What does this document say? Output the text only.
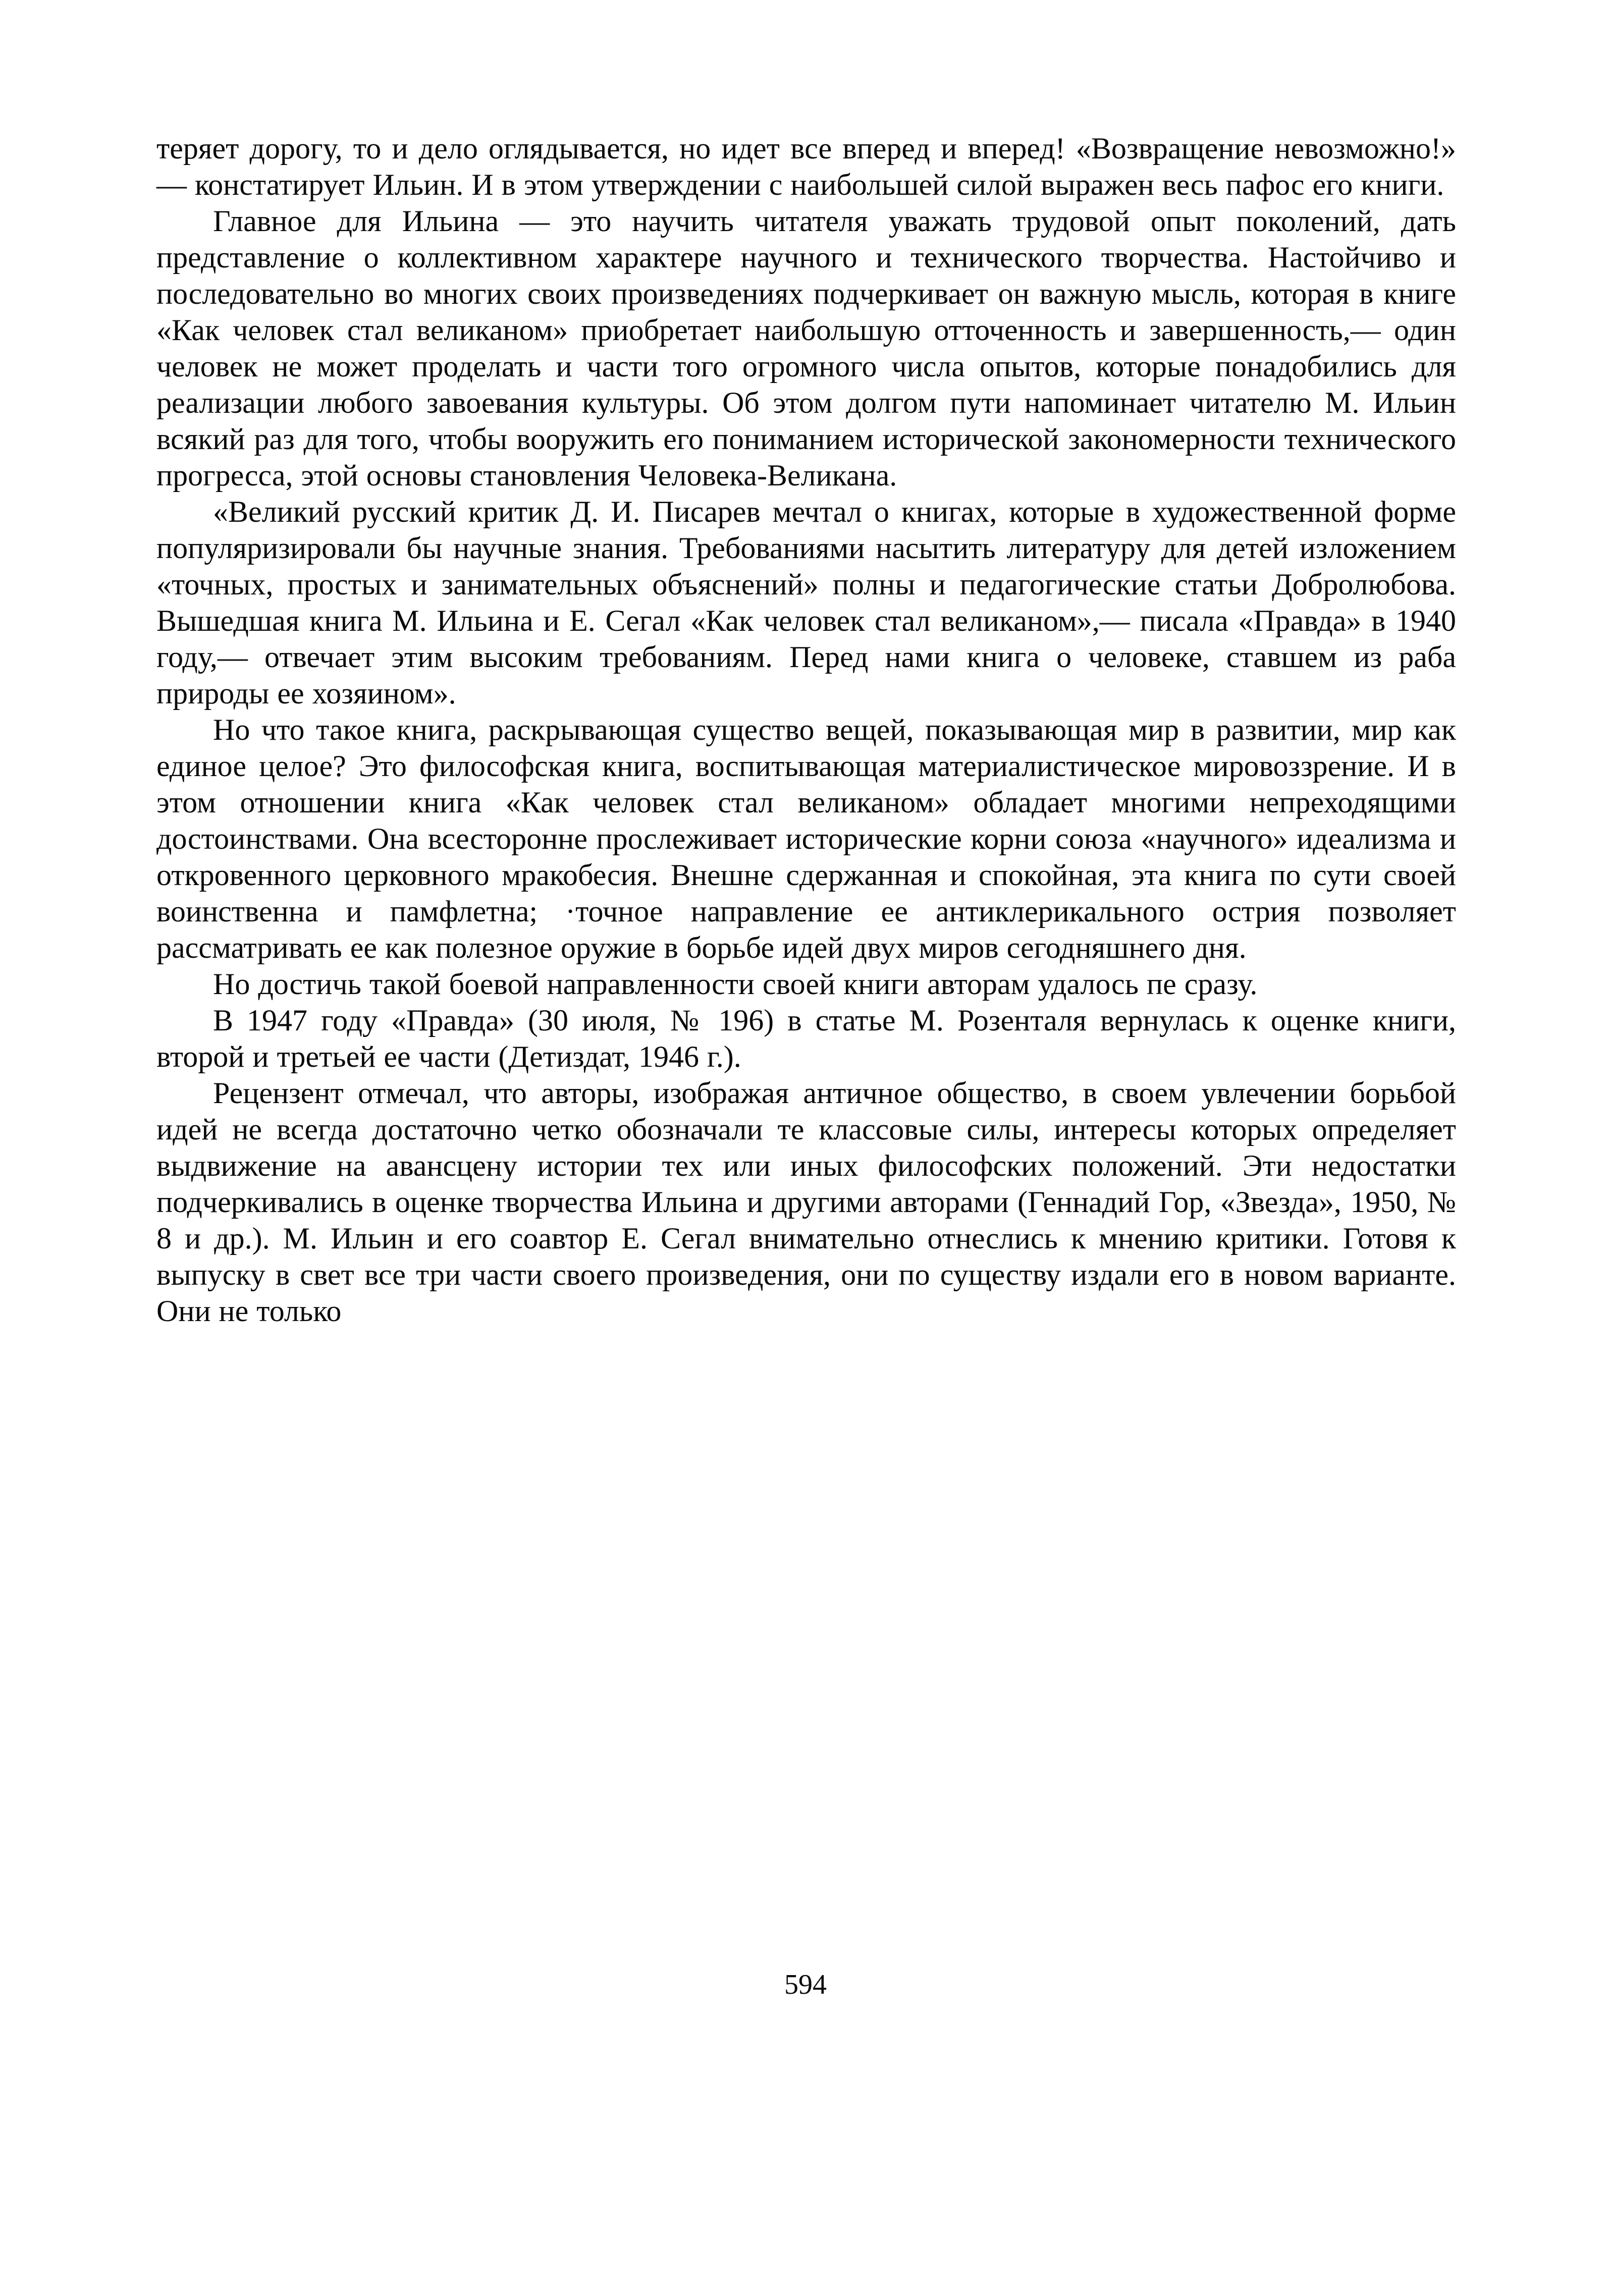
теряет дорогу, то и дело оглядывается, но идет все вперед и вперед! «Возвращение невозможно!» — констатирует Ильин. И в этом утверждении с наибольшей силой выражен весь пафос его книги.

Главное для Ильина — это научить читателя уважать трудовой опыт поколений, дать представление о коллективном характере научного и технического творчества. Настойчиво и последовательно во многих своих произведениях подчеркивает он важную мысль, которая в книге «Как человек стал великаном» приобретает наибольшую отточенность и завершенность,— один человек не может проделать и части того огромного числа опытов, которые понадобились для реализации любого завоевания культуры. Об этом долгом пути напоминает читателю М. Ильин всякий раз для того, чтобы вооружить его пониманием исторической закономерности технического прогресса, этой основы становления Человека-Великана.

«Великий русский критик Д. И. Писарев мечтал о книгах, которые в художественной форме популяризировали бы научные знания. Требованиями насытить литературу для детей изложением «точных, простых и занимательных объяснений» полны и педагогические статьи Добролюбова. Вышедшая книга М. Ильина и Е. Сегал «Как человек стал великаном»,— писала «Правда» в 1940 году,— отвечает этим высоким требованиям. Перед нами книга о человеке, ставшем из раба природы ее хозяином».

Но что такое книга, раскрывающая существо вещей, показывающая мир в развитии, мир как единое целое? Это философская книга, воспитывающая материалистическое мировоззрение. И в этом отношении книга «Как человек стал великаном» обладает многими непреходящими достоинствами. Она всесторонне прослеживает исторические корни союза «научного» идеализма и откровенного церковного мракобесия. Внешне сдержанная и спокойная, эта книга по сути своей воинственна и памфлетна; ·точное направление ее антиклерикального острия позволяет рассматривать ее как полезное оружие в борьбе идей двух миров сегодняшнего дня.

Но достичь такой боевой направленности своей книги авторам удалось пе сразу.

В 1947 году «Правда» (30 июля, № 196) в статье М. Розенталя вернулась к оценке книги, второй и третьей ее части (Детиздат, 1946 г.).

Рецензент отмечал, что авторы, изображая античное общество, в своем увлечении борьбой идей не всегда достаточно четко обозначали те классовые силы, интересы которых определяет выдвижение на авансцену истории тех или иных философских положений. Эти недостатки подчеркивались в оценке творчества Ильина и другими авторами (Геннадий Гор, «Звезда», 1950, № 8 и др.). М. Ильин и его соавтор Е. Сегал внимательно отнеслись к мнению критики. Готовя к выпуску в свет все три части своего произведения, они по существу издали его в новом варианте. Они не только

594
